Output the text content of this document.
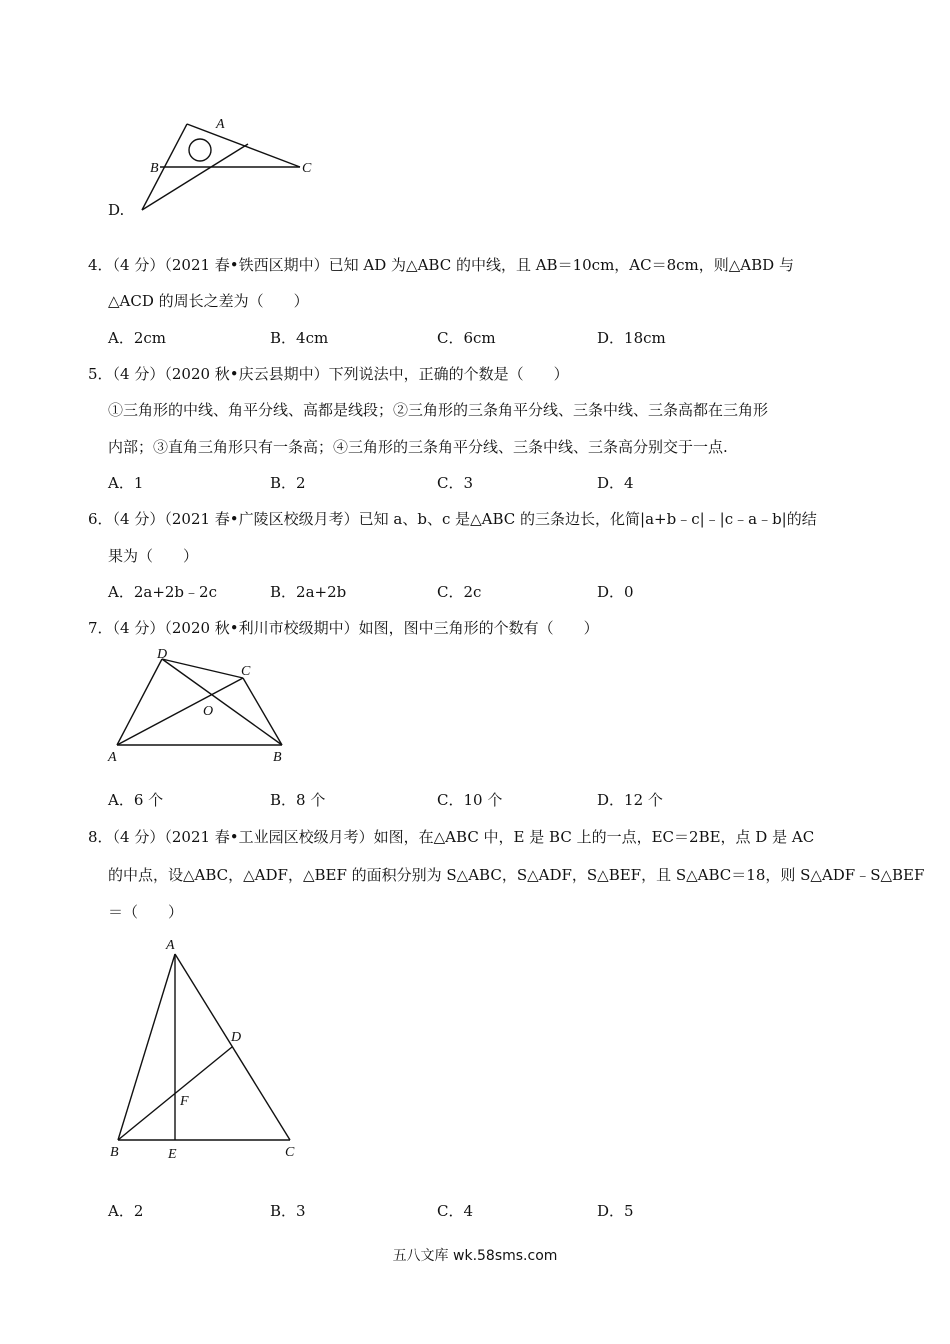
A
B	C
D.
4．（4 分）（2021 春•铁西区期中）已知 AD 为△ABC 的中线，且 AB＝10cm，AC＝8cm，则△ABD 与
△ACD 的周长之差为（　　）
A．2cm	B．4cm	C．6cm	D．18cm
5．（4 分）（2020 秋•庆云县期中）下列说法中，正确的个数是（　　）
①三角形的中线、角平分线、高都是线段；②三角形的三条角平分线、三条中线、三条高都在三角形
内部；③直角三角形只有一条高；④三角形的三条角平分线、三条中线、三条高分别交于一点.
A．1	B．2	C．3	D．4
6．（4 分）（2021 春•广陵区校级月考）已知 a、b、c 是△ABC 的三条边长，化简|a+b﹣c|﹣|c﹣a﹣b|的结
果为（　　）
A．2a+2b﹣2c	B．2a+2b	C．2c	D．0
7．（4 分）（2020 秋•利川市校级期中）如图，图中三角形的个数有（　　）
D
C
O
A	B
A．6 个	B．8 个	C．10 个	D．12 个
8．（4 分）（2021 春•工业园区校级月考）如图，在△ABC 中，E 是 BC 上的一点，EC＝2BE，点 D 是 AC
的中点，设△ABC，△ADF，△BEF 的面积分别为 S△ABC，S△ADF，S△BEF，且 S△ABC＝18，则 S△ADF﹣S△BEF
＝（　　）
A
D
F
B	E	C
A．2	B．3	C．4	D．5
五八文库 wk.58sms.com
